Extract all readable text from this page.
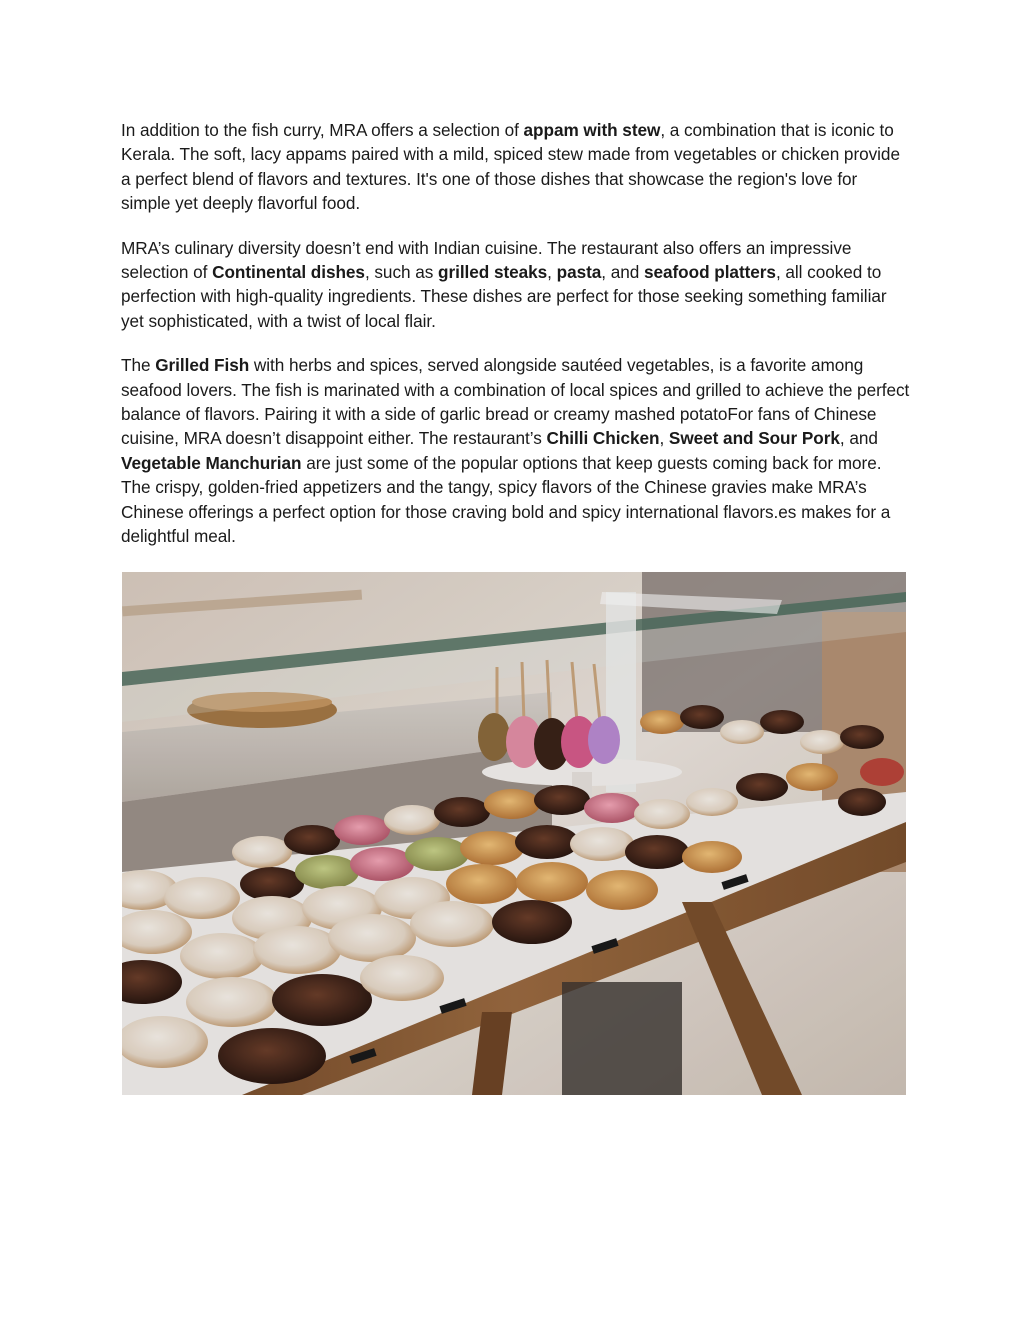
In addition to the fish curry, MRA offers a selection of appam with stew, a combination that is iconic to Kerala. The soft, lacy appams paired with a mild, spiced stew made from vegetables or chicken provide a perfect blend of flavors and textures. It's one of those dishes that showcase the region's love for simple yet deeply flavorful food.

MRA’s culinary diversity doesn’t end with Indian cuisine. The restaurant also offers an impressive selection of Continental dishes, such as grilled steaks, pasta, and seafood platters, all cooked to perfection with high-quality ingredients. These dishes are perfect for those seeking something familiar yet sophisticated, with a twist of local flair.

The Grilled Fish with herbs and spices, served alongside sautéed vegetables, is a favorite among seafood lovers. The fish is marinated with a combination of local spices and grilled to achieve the perfect balance of flavors. Pairing it with a side of garlic bread or creamy mashed potatoFor fans of Chinese cuisine, MRA doesn’t disappoint either. The restaurant’s Chilli Chicken, Sweet and Sour Pork, and Vegetable Manchurian are just some of the popular options that keep guests coming back for more. The crispy, golden-fried appetizers and the tangy, spicy flavors of the Chinese gravies make MRA’s Chinese offerings a perfect option for those craving bold and spicy international flavors.es makes for a delightful meal.
